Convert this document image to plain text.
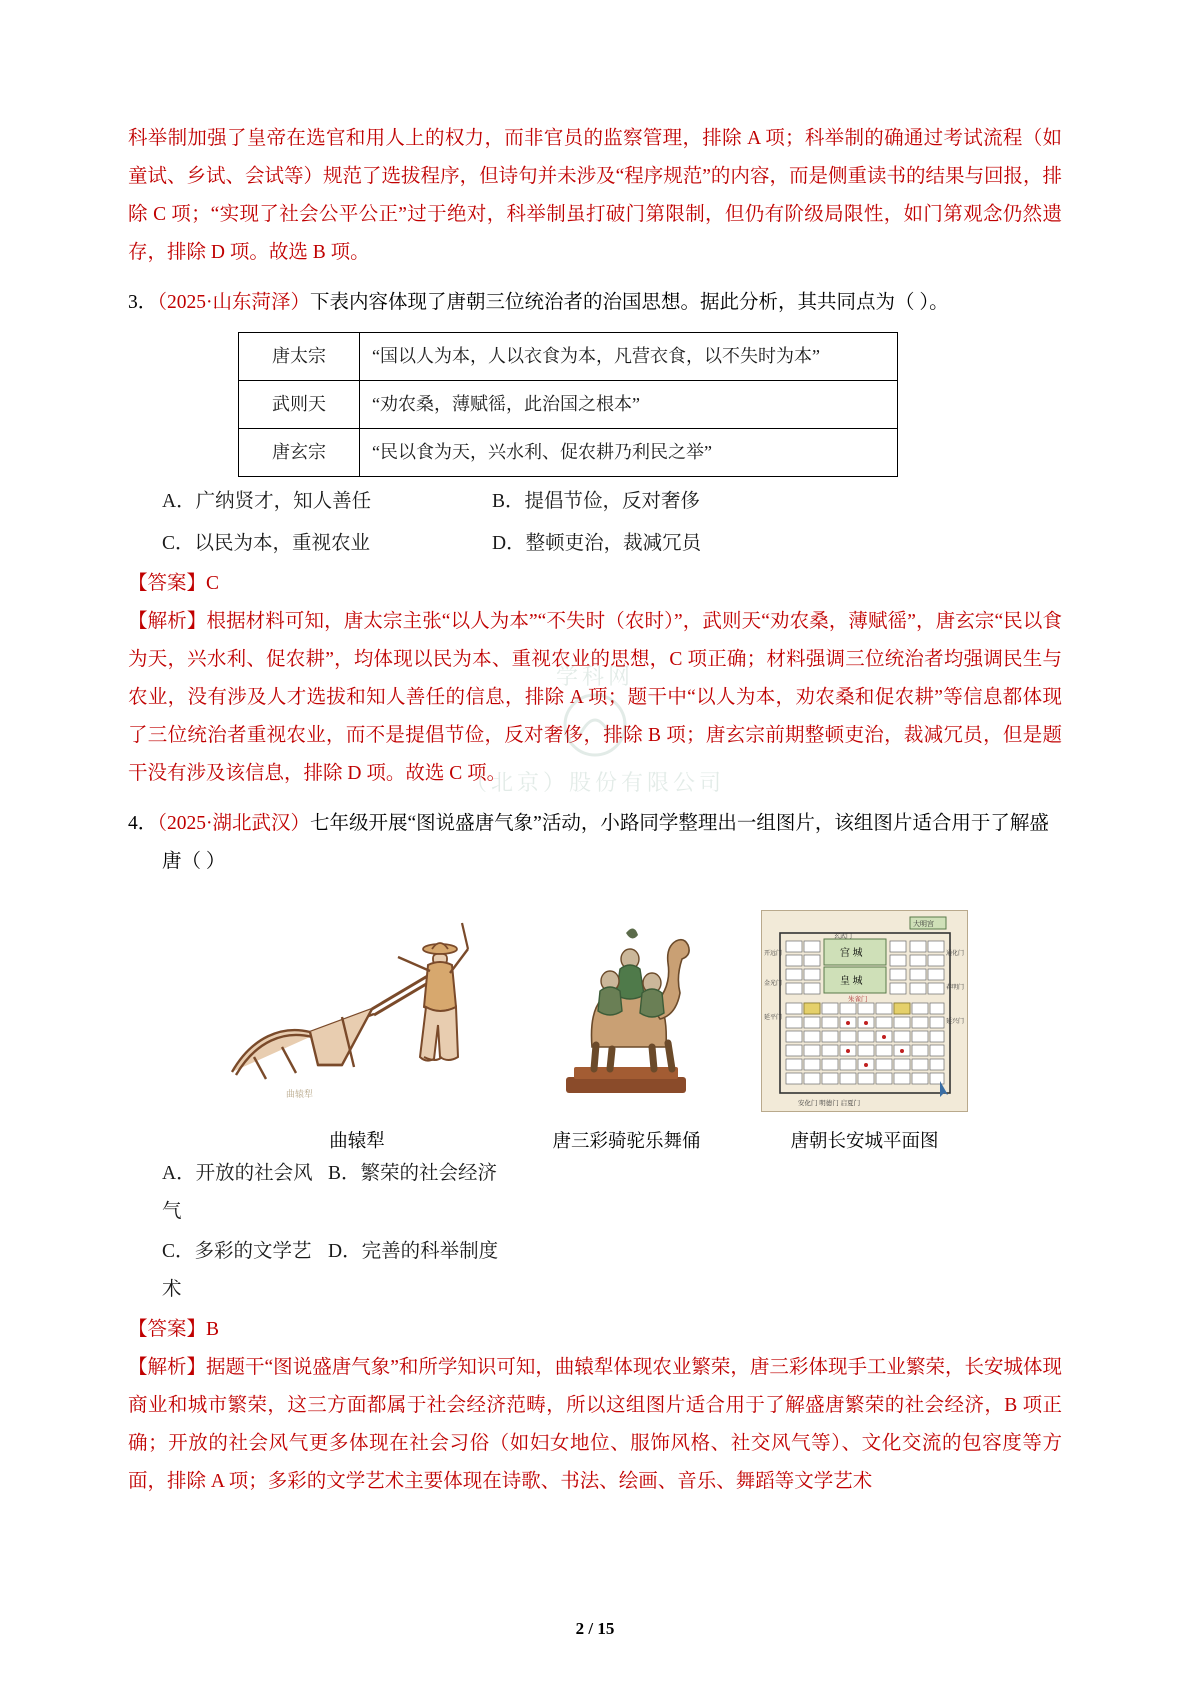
科举制加强了皇帝在选官和用人上的权力，而非官员的监察管理，排除 A 项；科举制的确通过考试流程（如童试、乡试、会试等）规范了选拔程序，但诗句并未涉及“程序规范”的内容，而是侧重读书的结果与回报，排除 C 项；“实现了社会公平公正”过于绝对，科举制虽打破门第限制，但仍有阶级局限性，如门第观念仍然遗存，排除 D 项。故选 B 项。

3．（2025·山东菏泽）下表内容体现了唐朝三位统治者的治国思想。据此分析，其共同点为（ ）。
唐太宗	“国以人为本，人以衣食为本，凡营衣食，以不失时为本”
武则天	“劝农桑，薄赋徭，此治国之根本”
唐玄宗	“民以食为天，兴水利、促农耕乃利民之举”
A．广纳贤才，知人善任	B．提倡节俭，反对奢侈
C．以民为本，重视农业	D．整顿吏治，裁减冗员
【答案】C

【解析】根据材料可知，唐太宗主张“以人为本”“不失时（农时）”，武则天“劝农桑，薄赋徭”，唐玄宗“民以食为天，兴水利、促农耕”，均体现以民为本、重视农业的思想，C 项正确；材料强调三位统治者均强调民生与农业，没有涉及人才选拔和知人善任的信息，排除 A 项；题干中“以人为本，劝农桑和促农耕”等信息都体现了三位统治者重视农业，而不是提倡节俭，反对奢侈，排除 B 项；唐玄宗前期整顿吏治，裁减冗员，但是题干没有涉及该信息，排除 D 项。故选 C 项。

4．（2025·湖北武汉）七年级开展“图说盛唐气象”活动，小路同学整理出一组图片，该组图片适合用于了解盛唐（ ）
曲辕犁
曲辕犁	唐三彩骑驼乐舞俑
大明宫
宫 城
皇 城
朱雀门
玄武门
开远门
金光门
延平门
通化门
春明门
延兴门
安化门 明德门 启夏门
唐朝长安城平面图
A．开放的社会风气
B．繁荣的社会经济
C．多彩的文学艺术
D．完善的科举制度
【答案】B

【解析】据题干“图说盛唐气象”和所学知识可知，曲辕犁体现农业繁荣，唐三彩体现手工业繁荣，长安城体现商业和城市繁荣，这三方面都属于社会经济范畴，所以这组图片适合用于了解盛唐繁荣的社会经济，B 项正确；开放的社会风气更多体现在社会习俗（如妇女地位、服饰风格、社交风气等）、文化交流的包容度等方面，排除 A 项；多彩的文学艺术主要体现在诗歌、书法、绘画、音乐、舞蹈等文学艺术

学科网
（北京）股份有限公司
2 / 15
